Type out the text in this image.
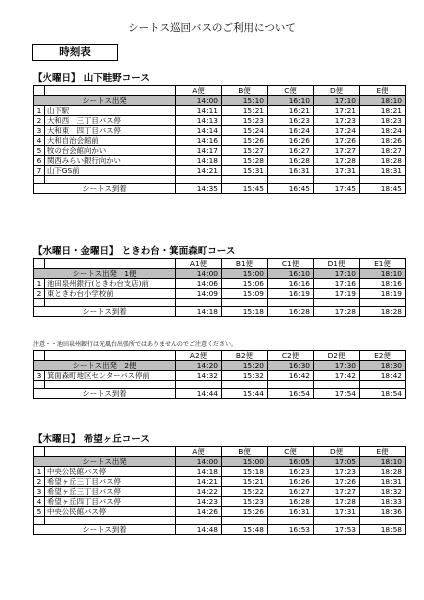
シートス巡回バスのご利用について
時刻表
【火曜日】 山下畦野コース
		A便	B便	C便	D便	E便
シートス出発		14:00	15:10	16:10	17:10	18:10
1	山下駅	14:11	15:21	16:21	17:21	18:21
2	大和西　三丁目バス停	14:13	15:23	16:23	17:23	18:23
3	大和東　四丁目バス停	14:14	15:24	16:24	17:24	18:24
4	大和自治会館前	14:16	15:26	16:26	17:26	18:26
5	牧の台会館向かい	14:17	15:27	16:27	17:27	18:27
6	関西みらい銀行向かい	14:18	15:28	16:28	17:28	18:28
7	山下GS前	14:21	15:31	16:31	17:31	18:31

シートス到着		14:35	15:45	16:45	17:45	18:45
【水曜日・金曜日】 ときわ台・箕面森町コース
		A1便	B1便	C1便	D1便	E1便
シートス出発　1便		14:00	15:00	16:10	17:10	18:10
1	池田泉州銀行(ときわ台支店)前	14:06	15:06	16:16	17:16	18:16
2	東ときわ台小学校前	14:09	15:09	16:19	17:19	18:19

シートス到着		14:18	15:18	16:28	17:28	18:28
注意・・池田泉州銀行は光風台出張所ではありませんのでご注意ください。
		A2便	B2便	C2便	D2便	E2便
シートス出発　2便		14:20	15:20	16:30	17:30	18:30
3	箕面森町地区センターバス停前	14:32	15:32	16:42	17:42	18:42

シートス到着		14:44	15:44	16:54	17:54	18:54
【木曜日】 希望ヶ丘コース
		A便	B便	C便	D便	E便
シートス出発		14:00	15:00	16:05	17:05	18:10
1	中央公民館バス停	14:18	15:18	16:23	17:23	18:28
2	希望ヶ丘三丁目バス停	14:21	15:21	16:26	17:26	18:31
3	希望ヶ丘三丁目バス停	14:22	15:22	16:27	17:27	18:32
4	希望ヶ丘四丁目バス停	14:23	15:23	16:28	17:28	18:33
5	中央公民館バス停	14:26	15:26	16:31	17:31	18:36

シートス到着		14:48	15:48	16:53	17:53	18:58
